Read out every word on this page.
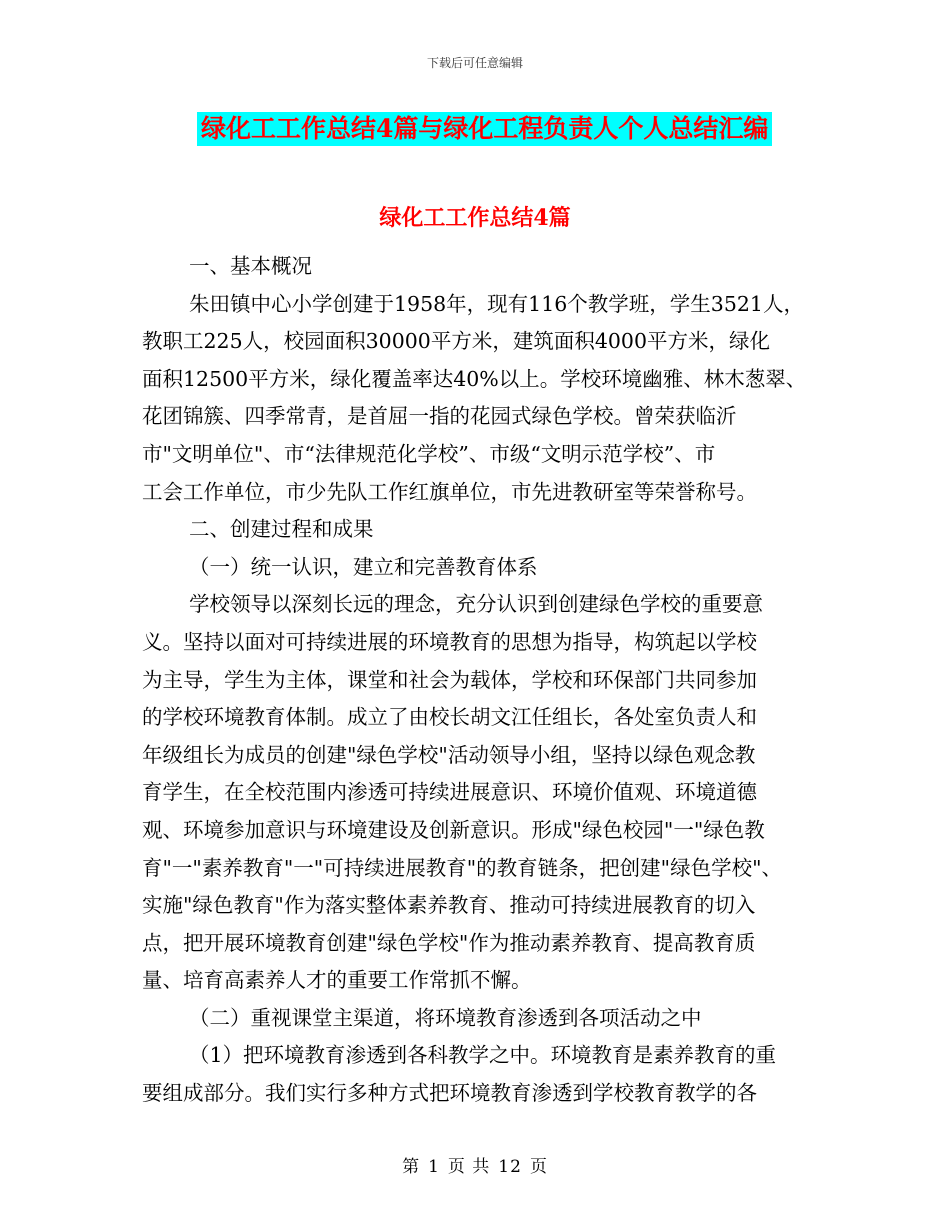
下载后可任意编辑
绿化工工作总结4篇与绿化工程负责人个人总结汇编
绿化工工作总结4篇
一、基本概况
朱田镇中心小学创建于1958年，现有116个教学班，学生3521人，
教职工225人，校园面积30000平方米，建筑面积4000平方米，绿化
面积12500平方米，绿化覆盖率达40%以上。学校环境幽雅、林木葱翠、
花团锦簇、四季常青，是首屈一指的花园式绿色学校。曾荣获临沂
市"文明单位"、市“法律规范化学校”、市级“文明示范学校”、市
工会工作单位，市少先队工作红旗单位，市先进教研室等荣誉称号。
二、创建过程和成果
（一）统一认识，建立和完善教育体系
学校领导以深刻长远的理念，充分认识到创建绿色学校的重要意
义。坚持以面对可持续进展的环境教育的思想为指导，构筑起以学校
为主导，学生为主体，课堂和社会为载体，学校和环保部门共同参加
的学校环境教育体制。成立了由校长胡文江任组长，各处室负责人和
年级组长为成员的创建"绿色学校"活动领导小组，坚持以绿色观念教
育学生，在全校范围内渗透可持续进展意识、环境价值观、环境道德
观、环境参加意识与环境建设及创新意识。形成"绿色校园"一"绿色教
育"一"素养教育"一"可持续进展教育"的教育链条，把创建"绿色学校"、
实施"绿色教育"作为落实整体素养教育、推动可持续进展教育的切入
点，把开展环境教育创建"绿色学校"作为推动素养教育、提高教育质
量、培育高素养人才的重要工作常抓不懈。
（二）重视课堂主渠道，将环境教育渗透到各项活动之中
（1）把环境教育渗透到各科教学之中。环境教育是素养教育的重
要组成部分。我们实行多种方式把环境教育渗透到学校教育教学的各
第 1 页 共 12 页
